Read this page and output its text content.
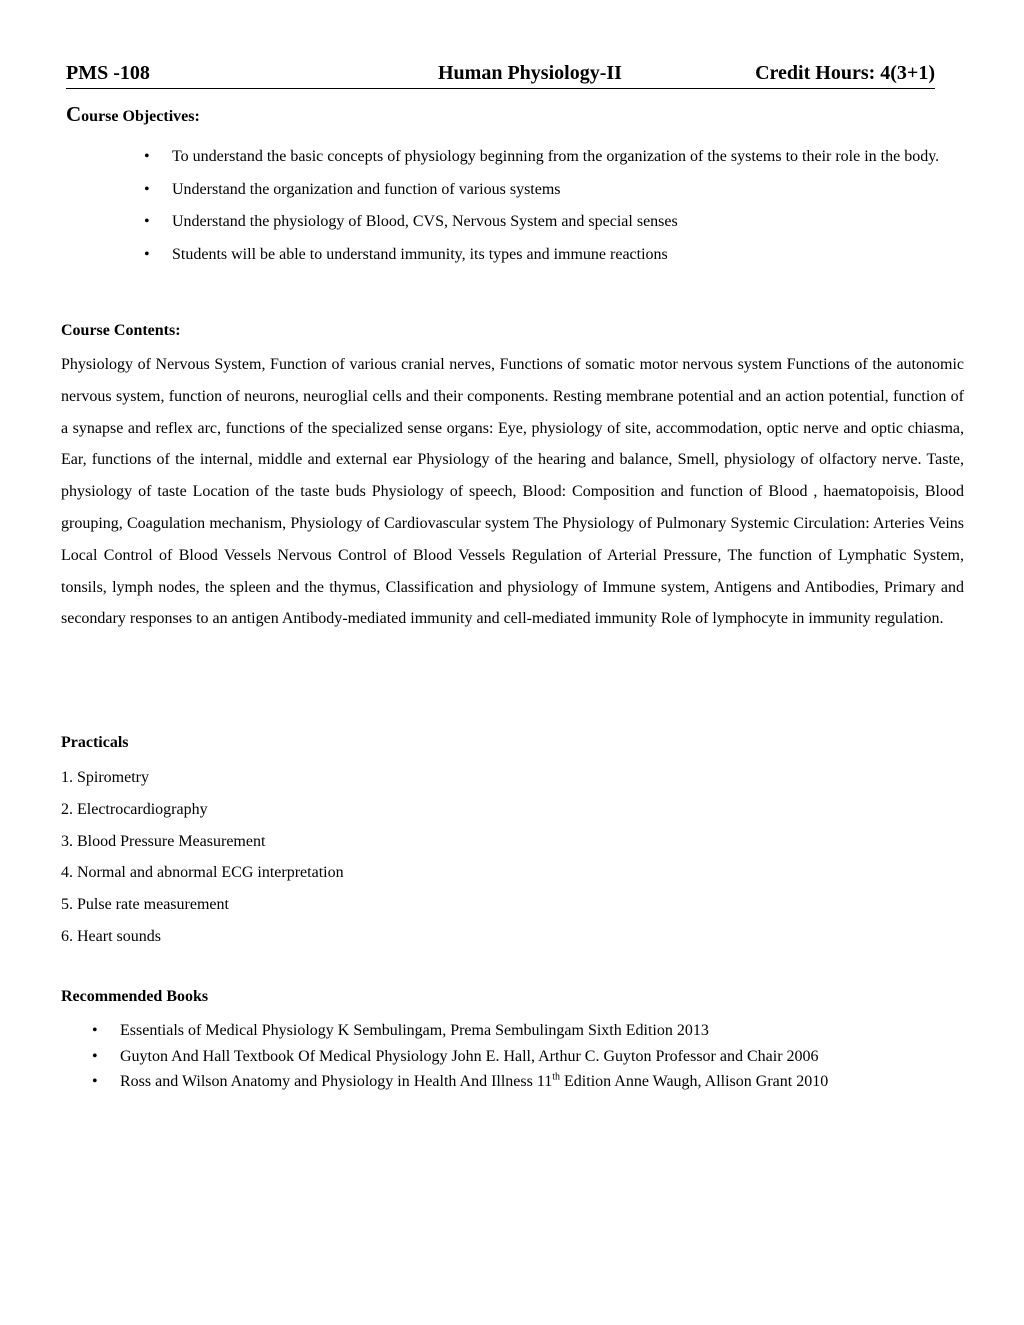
PMS -108	Human Physiology-II	Credit Hours: 4(3+1)
Course Objectives:
• To understand the basic concepts of physiology beginning from the organization of the systems to their role in the body.
• Understand the organization and function of various systems
• Understand the physiology of Blood, CVS, Nervous System and special senses
• Students will be able to understand immunity, its types and immune reactions
Course Contents:

Physiology of Nervous System, Function of various cranial nerves, Functions of somatic motor nervous system Functions of the autonomic nervous system, function of neurons, neuroglial cells and their components. Resting membrane potential and an action potential, function of a synapse and reflex arc, functions of the specialized sense organs: Eye, physiology of site, accommodation, optic nerve and optic chiasma, Ear, functions of the internal, middle and external ear Physiology of the hearing and balance, Smell, physiology of olfactory nerve. Taste, physiology of taste Location of the taste buds Physiology of speech, Blood: Composition and function of Blood , haematopoisis, Blood grouping, Coagulation mechanism, Physiology of Cardiovascular system The Physiology of Pulmonary Systemic Circulation: Arteries Veins Local Control of Blood Vessels Nervous Control of Blood Vessels Regulation of Arterial Pressure, The function of Lymphatic System, tonsils, lymph nodes, the spleen and the thymus, Classification and physiology of Immune system, Antigens and Antibodies, Primary and secondary responses to an antigen Antibody-mediated immunity and cell-mediated immunity Role of lymphocyte in immunity regulation.

Practicals
1. Spirometry
2. Electrocardiography
3. Blood Pressure Measurement
4. Normal and abnormal ECG interpretation
5. Pulse rate measurement
6. Heart sounds
Recommended Books
• Essentials of Medical Physiology K Sembulingam, Prema Sembulingam Sixth Edition 2013
• Guyton And Hall Textbook Of Medical Physiology John E. Hall, Arthur C. Guyton Professor and Chair 2006
• Ross and Wilson Anatomy and Physiology in Health And Illness 11th Edition Anne Waugh, Allison Grant 2010
